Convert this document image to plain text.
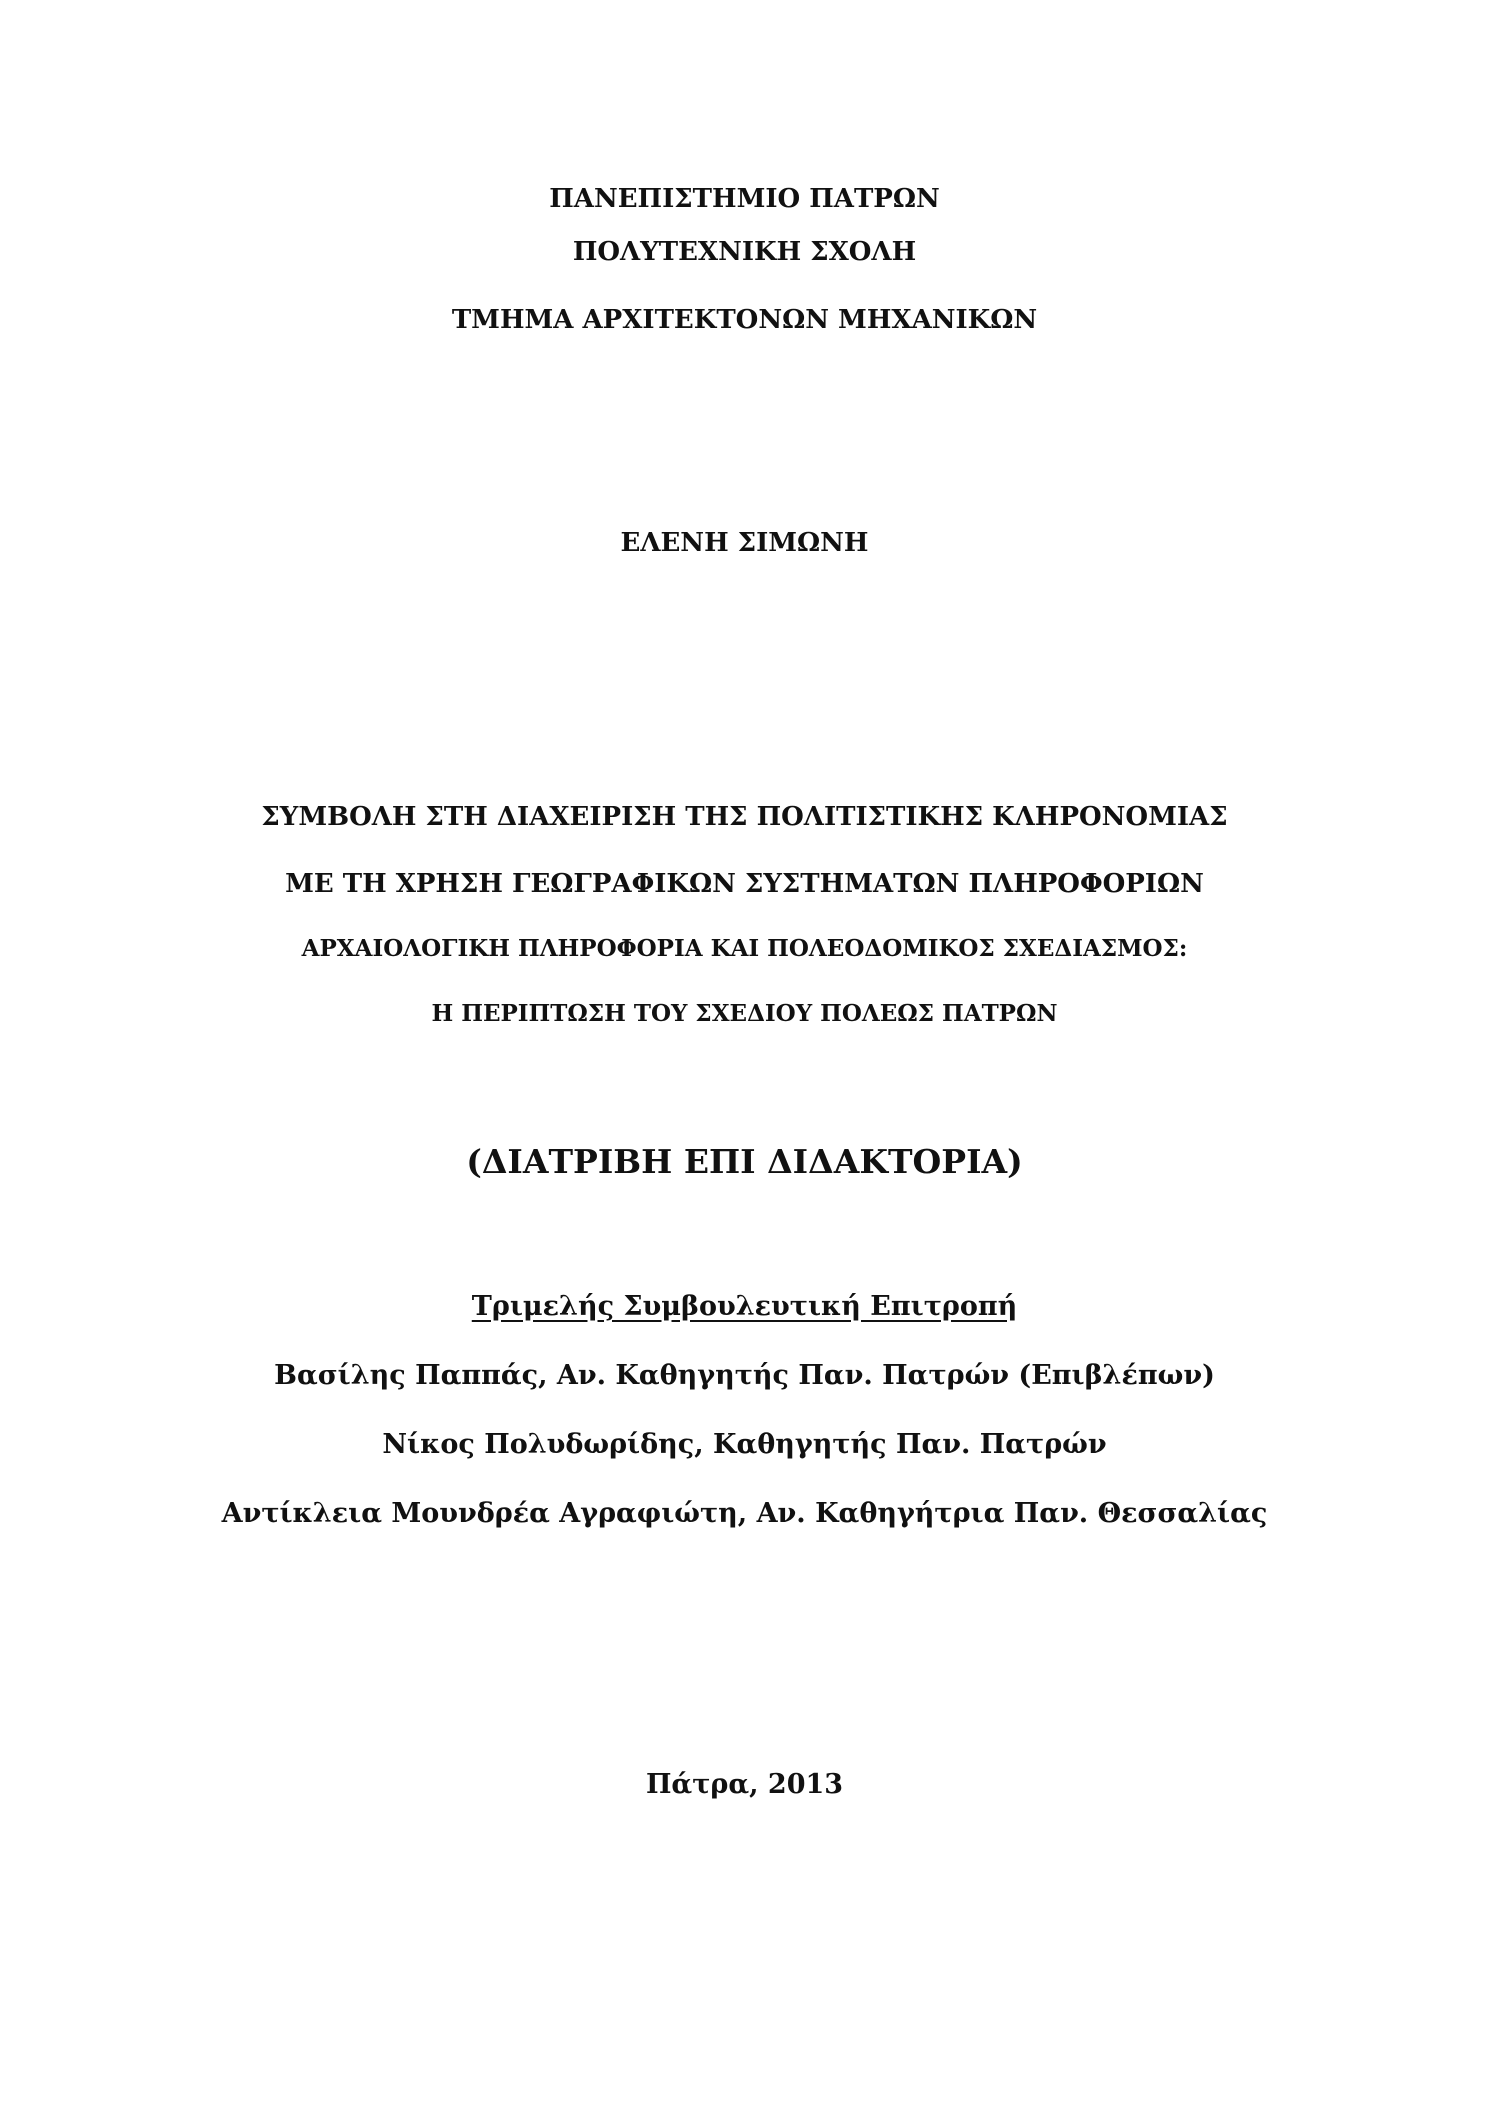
ΠΑΝΕΠΙΣΤΗΜΙΟ ΠΑΤΡΩΝ
ΠΟΛΥΤΕΧΝΙΚΗ ΣΧΟΛΗ
ΤΜΗΜΑ ΑΡΧΙΤΕΚΤΟΝΩΝ ΜΗΧΑΝΙΚΩΝ
ΕΛΕΝΗ ΣΙΜΩΝΗ
ΣΥΜΒΟΛΗ ΣΤΗ ΔΙΑΧΕΙΡΙΣΗ ΤΗΣ ΠΟΛΙΤΙΣΤΙΚΗΣ ΚΛΗΡΟΝΟΜΙΑΣ
ΜΕ ΤΗ ΧΡΗΣΗ ΓΕΩΓΡΑΦΙΚΩΝ ΣΥΣΤΗΜΑΤΩΝ ΠΛΗΡΟΦΟΡΙΩΝ
ΑΡΧΑΙΟΛΟΓΙΚΗ ΠΛΗΡΟΦΟΡΙΑ ΚΑΙ ΠΟΛΕΟΔΟΜΙΚΟΣ ΣΧΕΔΙΑΣΜΟΣ:
Η ΠΕΡΙΠΤΩΣΗ ΤΟΥ ΣΧΕΔΙΟΥ ΠΟΛΕΩΣ ΠΑΤΡΩΝ
(ΔΙΑΤΡΙΒΗ ΕΠΙ ΔΙΔΑΚΤΟΡΙΑ)
Τριμελής Συμβουλευτική Επιτροπή
Βασίλης Παππάς, Αν. Καθηγητής Παν. Πατρών (Επιβλέπων)
Νίκος Πολυδωρίδης, Καθηγητής Παν. Πατρών
Αντίκλεια Μουνδρέα Αγραφιώτη, Αν. Καθηγήτρια Παν. Θεσσαλίας
Πάτρα, 2013
